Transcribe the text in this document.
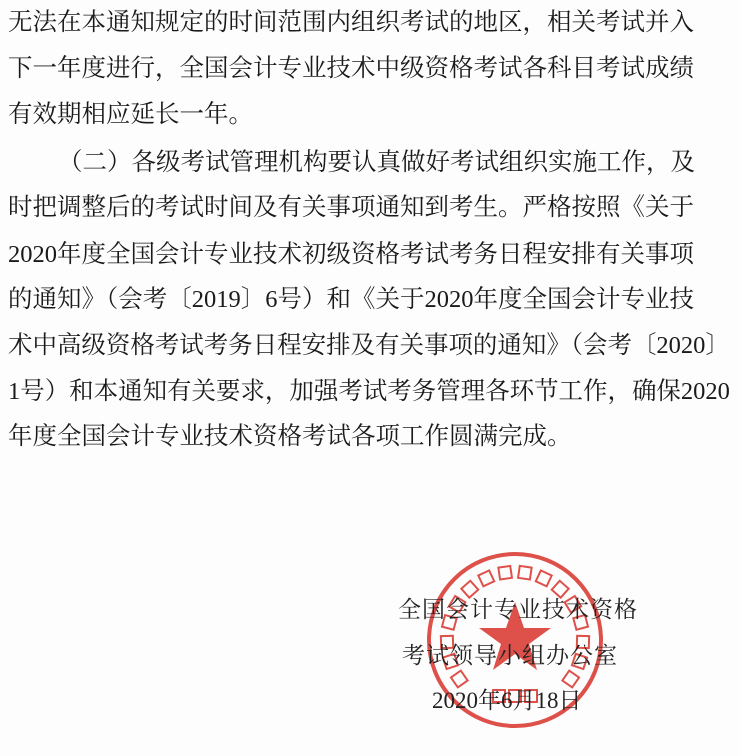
无法在本通知规定的时间范围内组织考试的地区，相关考试并入
下一年度进行，全国会计专业技术中级资格考试各科目考试成绩
有效期相应延长一年。
（二）各级考试管理机构要认真做好考试组织实施工作，及
时把调整后的考试时间及有关事项通知到考生。严格按照《关于
2020年度全国会计专业技术初级资格考试考务日程安排有关事项
的通知》（会考〔2019〕6号）和《关于2020年度全国会计专业技
术中高级资格考试考务日程安排及有关事项的通知》（会考〔2020〕
1号）和本通知有关要求，加强考试考务管理各环节工作，确保2020
年度全国会计专业技术资格考试各项工作圆满完成。
全国会计专业技术资格
考试领导小组办公室
2020年6月18日
